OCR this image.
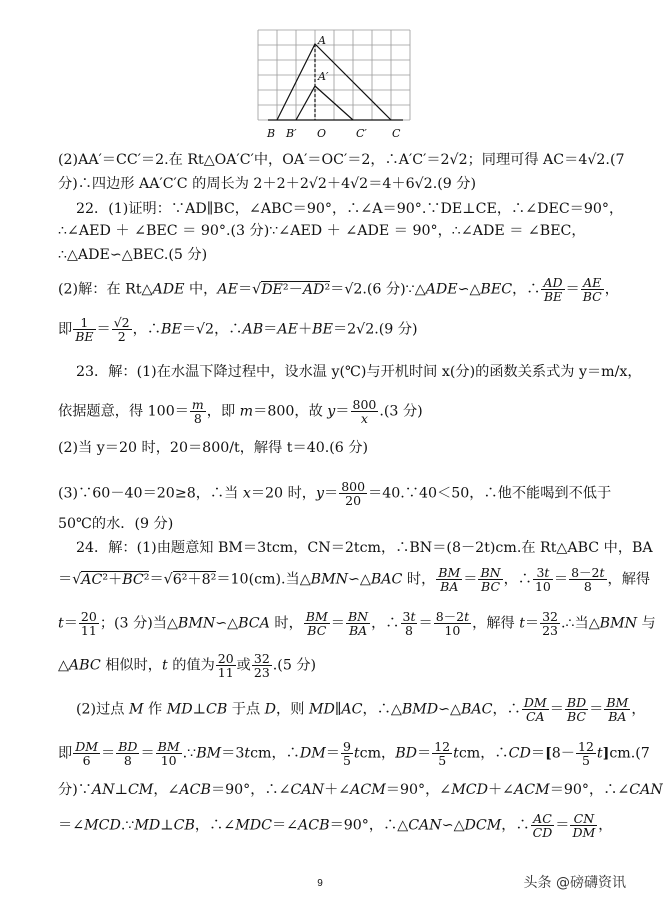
A
A′
B B′ O	C′ C
(2)AA′＝CC′＝2.在 Rt△OA′C′中，OA′＝OC′＝2，∴A′C′＝2√2；同理可得 AC＝4√2.(7
分)∴四边形 AA′C′C 的周长为 2＋2＋2√2＋4√2＝4＋6√2.(9 分)
22．(1)证明：∵AD∥BC，∠ABC＝90°，∴∠A＝90°.∵DE⊥CE，∴∠DEC＝90°，
∴∠AED ＋ ∠BEC ＝ 90°.(3 分)∵∠AED ＋ ∠ADE ＝ 90°，∴∠ADE ＝ ∠BEC，
∴△ADE∽△BEC.(5 分)
(2)解：在 Rt△ADE 中，AE＝√DE²－AD²＝√2.(6 分)∵△ADE∽△BEC，∴ $\frac{AD}{BE} = \frac{AE}{BC}$ ，
即 $\frac{1}{BE} = \frac{√2}{2}$ ，∴BE＝√2，∴AB＝AE＋BE＝2√2.(9 分)
23．解：(1)在水温下降过程中，设水温 y(℃)与开机时间 x(分)的函数关系式为 y＝m/x，
依据题意，得 $100= \frac{m}{8}$ ，即 m＝800，故 $y= \frac{800}{x} .(3$ 分)
(2)当 y＝20 时，20＝800/t，解得 t＝40.(6 分)
(3)∵60－40＝20≥8，∴当 x＝20 时，$y= \frac{800}{20}$ ＝40.∵40＜50，∴他不能喝到不低于
50℃的水．(9 分)
24．解：(1)由题意知 BM＝3tcm，CN＝2tcm，∴BN＝(8－2t)cm.在 Rt△ABC 中，BA
＝√AC²＋BC²＝√6²＋8²＝10(cm).当△BMN∽△BAC 时， $\frac{BM}{BA} = \frac{BN}{BC}$ ，∴ $\frac{3t}{10} = \frac{8-2t}{8}$ ，解得
$t= \frac{20}{11}$ ；(3 分)当△BMN∽△BCA 时， $\frac{BM}{BC} = \frac{BN}{BA}$ ，∴ $\frac{3t}{8} = \frac{8-2t}{10}$ ，解得 $t= \frac{32}{23}$ .∴当△BMN 与
△ABC 相似时，t 的值为 $\frac{20}{11}$ 或 $\frac{32}{23} .(5$ 分)
(2)过点 M 作 MD⊥CB 于点 D，则 MD∥AC，∴△BMD∽△BAC，∴ $\frac{DM}{CA} = \frac{BD}{BC} = \frac{BM}{BA}$ ，
即 $\frac{DM}{6} = \frac{BD}{8} = \frac{BM}{10}$ .∵BM＝3tcm，∴DM＝ $\frac{9}{5}$ tcm，$BD= \frac{12}{5}$ tcm，∴CD＝[8－ $\frac{12}{5} t]cm.(7$
分)∵AN⊥CM，∠ACB＝90°，∴∠CAN＋∠ACM＝90°，∠MCD＋∠ACM＝90°，∴∠CAN
＝∠MCD.∵MD⊥CB，∴∠MDC＝∠ACB＝90°，∴△CAN∽△DCM，∴ $\frac{AC}{CD} = \frac{CN}{DM}$ ，
9	头条 @磅礴资讯
